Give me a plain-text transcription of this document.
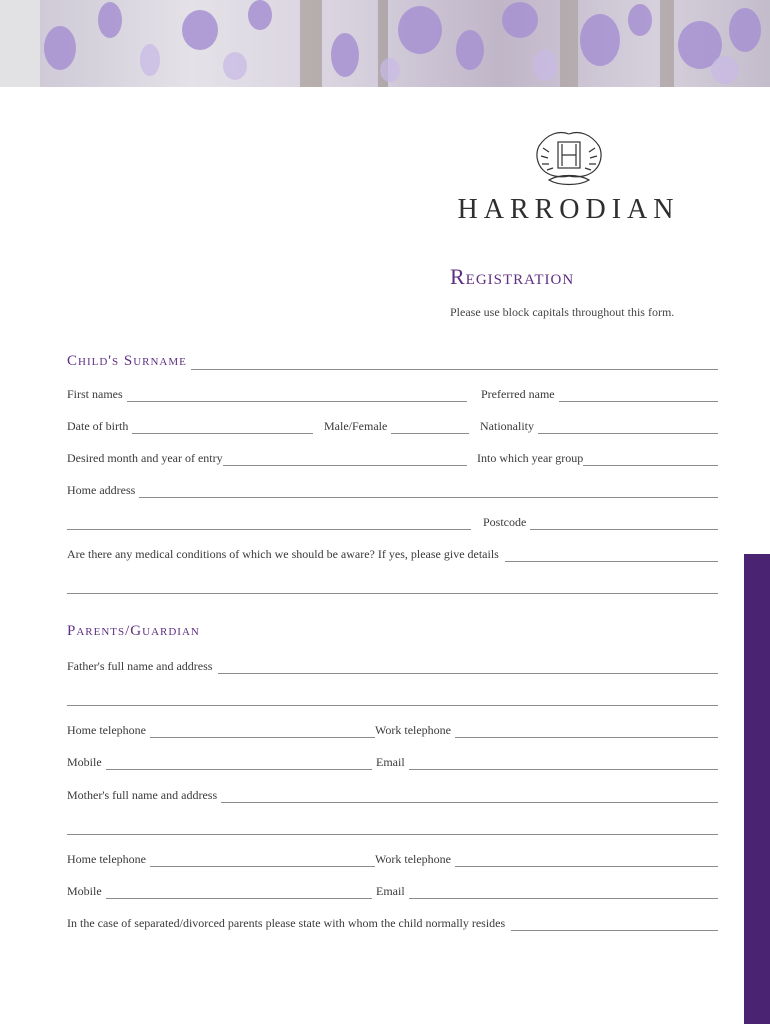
HARRODIAN
Registration
Please use block capitals throughout this form.
Child's Surname
First names	Preferred name
Date of birth	Male/Female	Nationality
Desired month and year of entry	Into which year group
Home address
Postcode
Are there any medical conditions of which we should be aware? If yes, please give details
Parents/Guardian
Father's full name and address
Home telephone	Work telephone
Mobile	Email
Mother's full name and address
Home telephone	Work telephone
Mobile	Email
In the case of separated/divorced parents please state with whom the child normally resides
